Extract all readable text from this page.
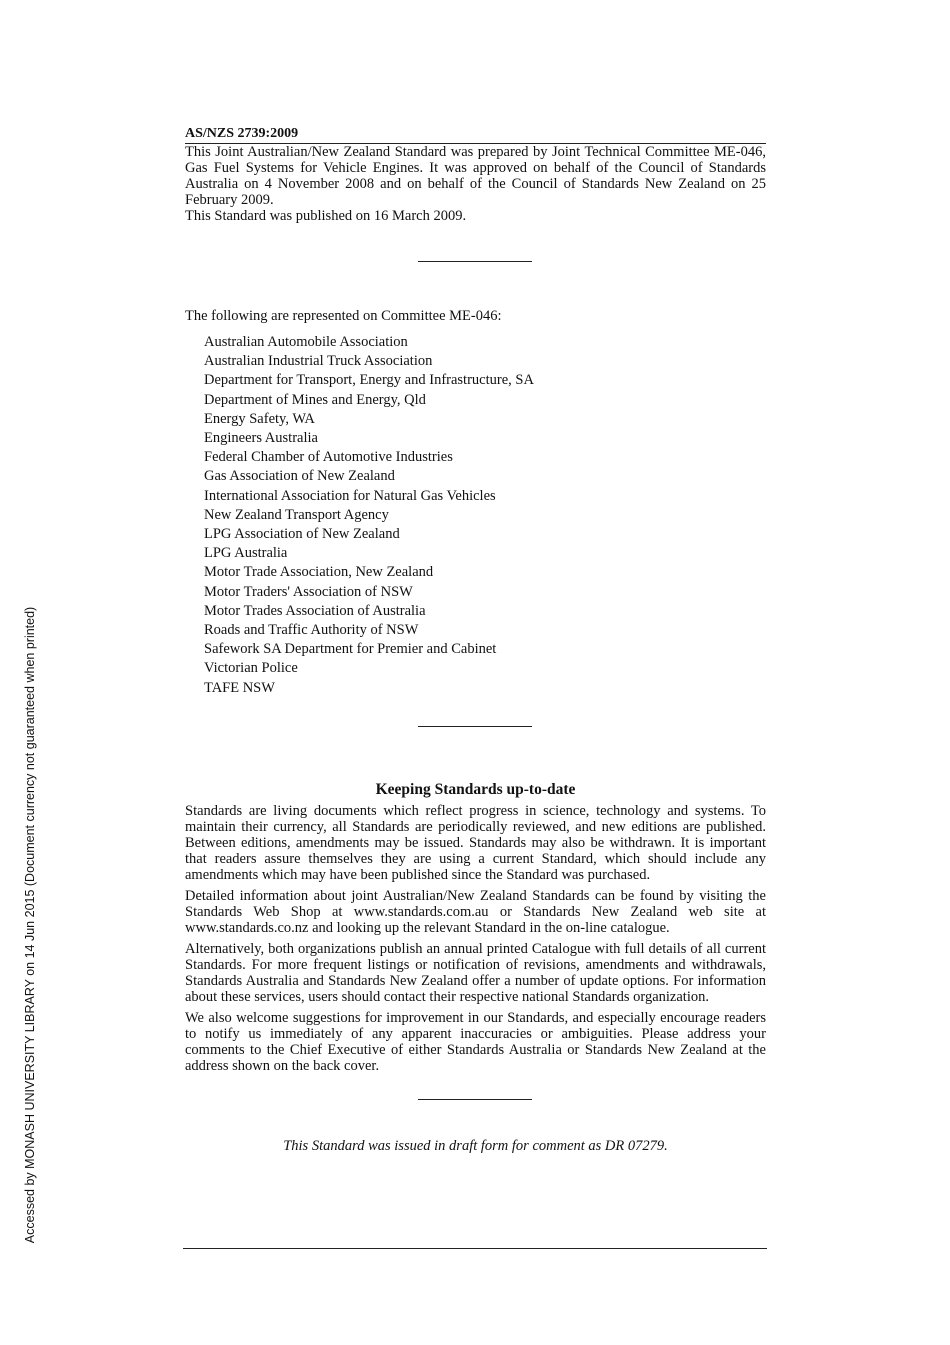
Accessed by MONASH UNIVERSITY LIBRARY on 14 Jun 2015 (Document currency not guaranteed when printed)
AS/NZS 2739:2009

This Joint Australian/New Zealand Standard was prepared by Joint Technical Committee ME-046, Gas Fuel Systems for Vehicle Engines. It was approved on behalf of the Council of Standards Australia on 4 November 2008 and on behalf of the Council of Standards New Zealand on 25 February 2009.

This Standard was published on 16 March 2009.

The following are represented on Committee ME-046:

Australian Automobile Association
Australian Industrial Truck Association
Department for Transport, Energy and Infrastructure, SA
Department of Mines and Energy, Qld
Energy Safety, WA
Engineers Australia
Federal Chamber of Automotive Industries
Gas Association of New Zealand
International Association for Natural Gas Vehicles
New Zealand Transport Agency
LPG Association of New Zealand
LPG Australia
Motor Trade Association, New Zealand
Motor Traders' Association of NSW
Motor Trades Association of Australia
Roads and Traffic Authority of NSW
Safework SA Department for Premier and Cabinet
Victorian Police
TAFE NSW
Keeping Standards up-to-date

Standards are living documents which reflect progress in science, technology and systems. To maintain their currency, all Standards are periodically reviewed, and new editions are published. Between editions, amendments may be issued. Standards may also be withdrawn. It is important that readers assure themselves they are using a current Standard, which should include any amendments which may have been published since the Standard was purchased.

Detailed information about joint Australian/New Zealand Standards can be found by visiting the Standards Web Shop at www.standards.com.au or Standards New Zealand web site at www.standards.co.nz and looking up the relevant Standard in the on-line catalogue.

Alternatively, both organizations publish an annual printed Catalogue with full details of all current Standards. For more frequent listings or notification of revisions, amendments and withdrawals, Standards Australia and Standards New Zealand offer a number of update options. For information about these services, users should contact their respective national Standards organization.

We also welcome suggestions for improvement in our Standards, and especially encourage readers to notify us immediately of any apparent inaccuracies or ambiguities. Please address your comments to the Chief Executive of either Standards Australia or Standards New Zealand at the address shown on the back cover.

This Standard was issued in draft form for comment as DR 07279.
